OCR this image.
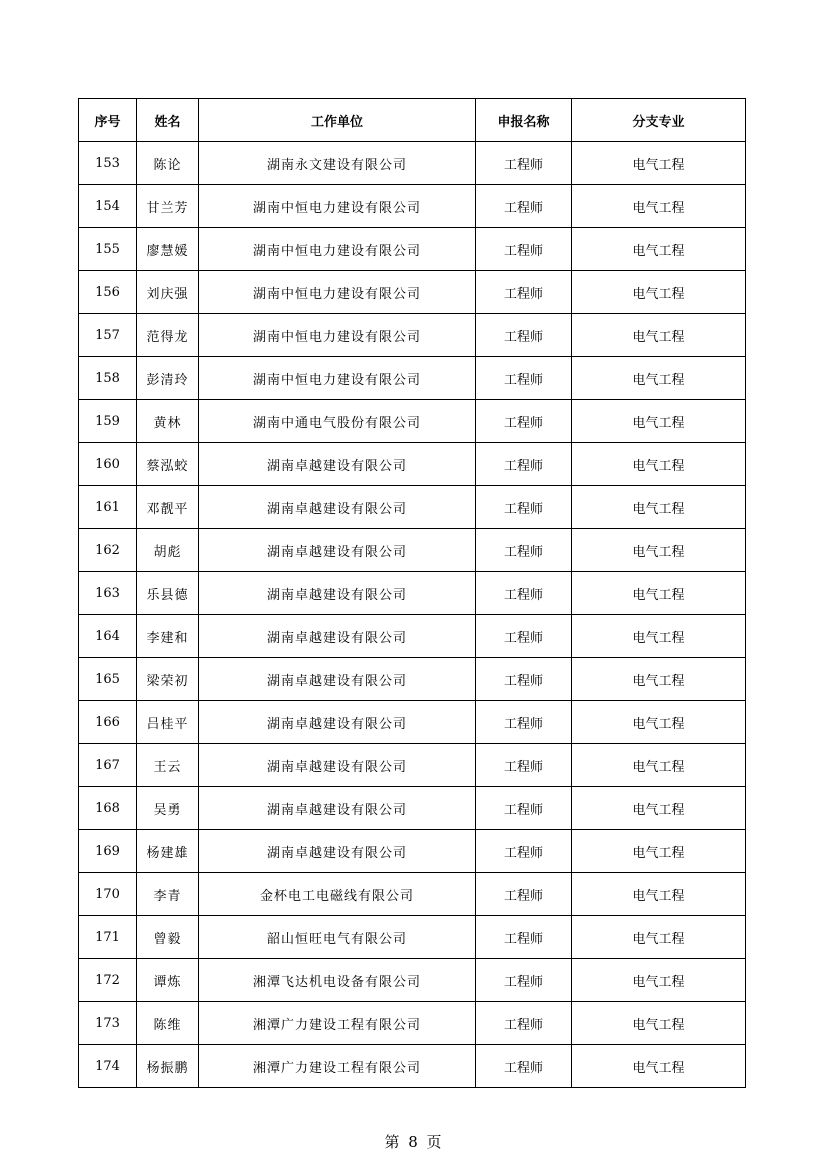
序号	姓名	工作单位	申报名称	分支专业
153	陈论	湖南永文建设有限公司	工程师	电气工程
154	甘兰芳	湖南中恒电力建设有限公司	工程师	电气工程
155	廖慧媛	湖南中恒电力建设有限公司	工程师	电气工程
156	刘庆强	湖南中恒电力建设有限公司	工程师	电气工程
157	范得龙	湖南中恒电力建设有限公司	工程师	电气工程
158	彭清玲	湖南中恒电力建设有限公司	工程师	电气工程
159	黄林	湖南中通电气股份有限公司	工程师	电气工程
160	蔡泓蛟	湖南卓越建设有限公司	工程师	电气工程
161	邓靓平	湖南卓越建设有限公司	工程师	电气工程
162	胡彪	湖南卓越建设有限公司	工程师	电气工程
163	乐县德	湖南卓越建设有限公司	工程师	电气工程
164	李建和	湖南卓越建设有限公司	工程师	电气工程
165	梁荣初	湖南卓越建设有限公司	工程师	电气工程
166	吕桂平	湖南卓越建设有限公司	工程师	电气工程
167	王云	湖南卓越建设有限公司	工程师	电气工程
168	吴勇	湖南卓越建设有限公司	工程师	电气工程
169	杨建雄	湖南卓越建设有限公司	工程师	电气工程
170	李青	金杯电工电磁线有限公司	工程师	电气工程
171	曾毅	韶山恒旺电气有限公司	工程师	电气工程
172	谭炼	湘潭飞达机电设备有限公司	工程师	电气工程
173	陈维	湘潭广力建设工程有限公司	工程师	电气工程
174	杨振鹏	湘潭广力建设工程有限公司	工程师	电气工程
第 8 页
